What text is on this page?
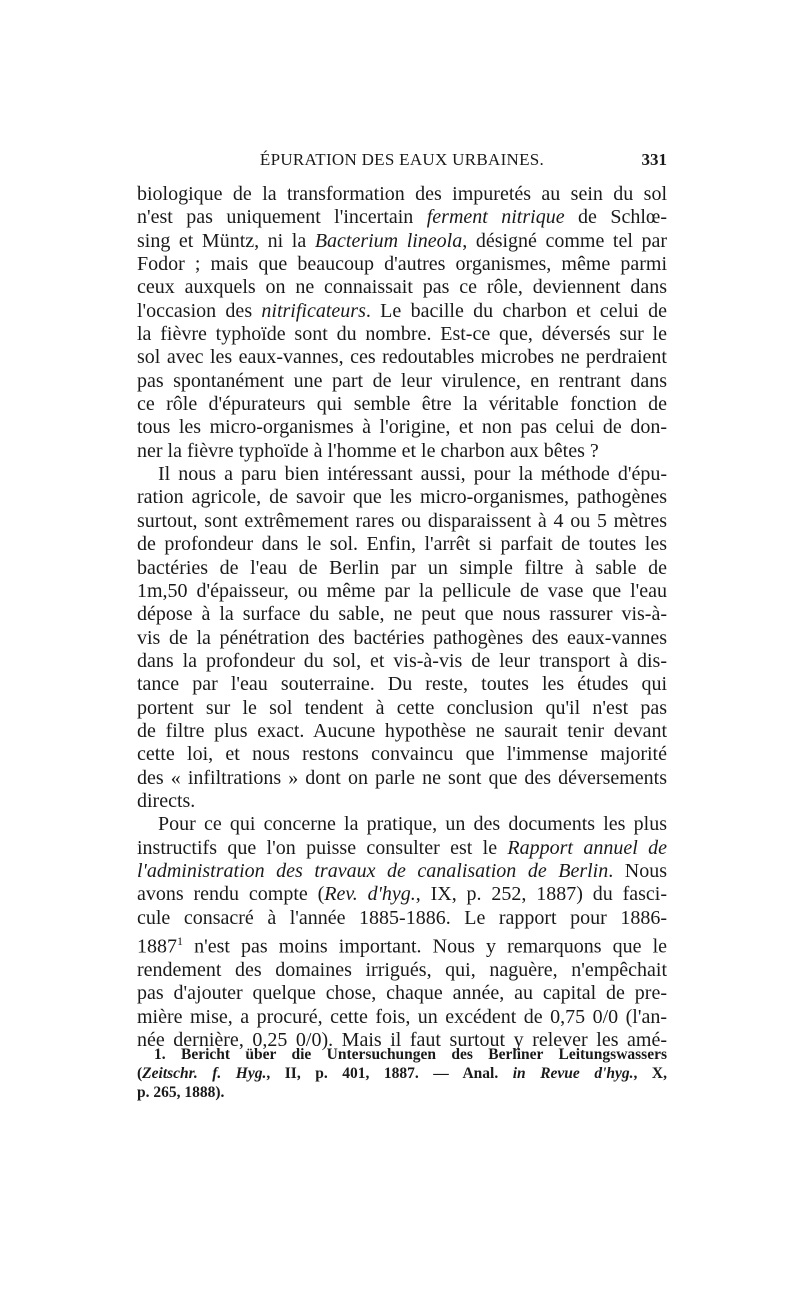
ÉPURATION DES EAUX URBAINES.	331
biologique de la transformation des impuretés au sein du sol
n'est pas uniquement l'incertain ferment nitrique de Schlœ-
sing et Müntz, ni la Bacterium lineola, désigné comme tel par
Fodor ; mais que beaucoup d'autres organismes, même parmi
ceux auxquels on ne connaissait pas ce rôle, deviennent dans
l'occasion des nitrificateurs. Le bacille du charbon et celui de
la fièvre typhoïde sont du nombre. Est-ce que, déversés sur le
sol avec les eaux-vannes, ces redoutables microbes ne perdraient
pas spontanément une part de leur virulence, en rentrant dans
ce rôle d'épurateurs qui semble être la véritable fonction de
tous les micro-organismes à l'origine, et non pas celui de don-
ner la fièvre typhoïde à l'homme et le charbon aux bêtes ?
Il nous a paru bien intéressant aussi, pour la méthode d'épu-
ration agricole, de savoir que les micro-organismes, pathogènes
surtout, sont extrêmement rares ou disparaissent à 4 ou 5 mètres
de profondeur dans le sol. Enfin, l'arrêt si parfait de toutes les
bactéries de l'eau de Berlin par un simple filtre à sable de
1m,50 d'épaisseur, ou même par la pellicule de vase que l'eau
dépose à la surface du sable, ne peut que nous rassurer vis-à-
vis de la pénétration des bactéries pathogènes des eaux-vannes
dans la profondeur du sol, et vis-à-vis de leur transport à dis-
tance par l'eau souterraine. Du reste, toutes les études qui
portent sur le sol tendent à cette conclusion qu'il n'est pas
de filtre plus exact. Aucune hypothèse ne saurait tenir devant
cette loi, et nous restons convaincu que l'immense majorité
des « infiltrations » dont on parle ne sont que des déversements
directs.
Pour ce qui concerne la pratique, un des documents les plus
instructifs que l'on puisse consulter est le Rapport annuel de
l'administration des travaux de canalisation de Berlin. Nous
avons rendu compte (Rev. d'hyg., IX, p. 252, 1887) du fasci-
cule consacré à l'année 1885-1886. Le rapport pour 1886-
1887$^1$ n'est pas moins important. Nous y remarquons que le
rendement des domaines irrigués, qui, naguère, n'empêchait
pas d'ajouter quelque chose, chaque année, au capital de pre-
mière mise, a procuré, cette fois, un excédent de 0,75 0/0 (l'an-
née dernière, 0,25 0/0). Mais il faut surtout y relever les amé-
1. Bericht über die Untersuchungen des Berliner Leitungswassers
(Zeitschr. f. Hyg., II, p. 401, 1887. — Anal. in Revue d'hyg., X,
p. 265, 1888).
